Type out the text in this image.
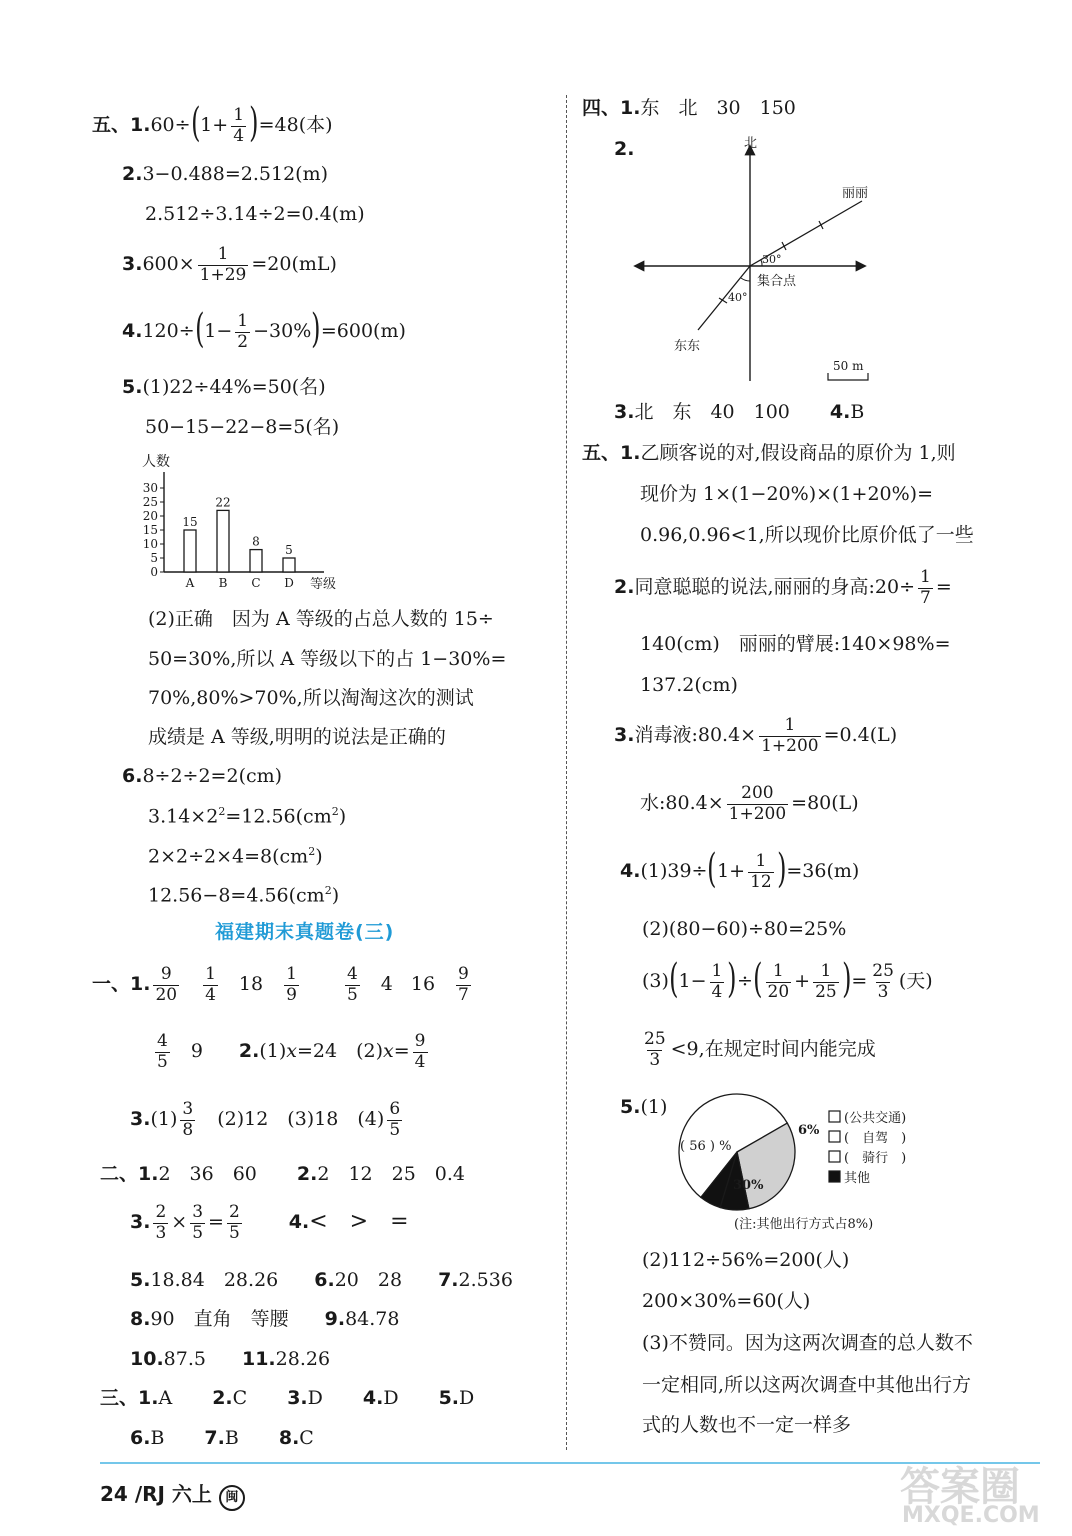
五、$1.60\div(1+ \frac{1}{4} )=48$(本)
2.3−0.488=2.512(m)
2.512÷3.14÷2=0.4(m)
$3.600\times \frac{1}{1+29} =20(mL)$
$4.120\div(1- \frac{1}{2} -30\%)=600(m)$
5.(1)22÷44%=50(名)
50−15−22−8=5(名)
人数
0
5
10
15
20
25
30
15
A
22
B
8
C
5
D 等级
(2)正确　因为 A 等级的占总人数的 15÷
50=30%,所以 A 等级以下的占 1−30%=
70%,80%>70%,所以淘淘这次的测试
成绩是 A 等级,明明的说法是正确的
6.8÷2÷2=2(cm)
$3.14\times 2^2=12.56(cm^2)$
$2\times 2\div 2\times 4=8(cm^2)$
$12.56-8=4.56(cm^2)$
福建期末真题卷(三)
一、1. $\frac{9}{20} \frac{1}{4} 18 \frac{1}{9}$	$\frac{4}{5} 4$ $16 \frac{9}{7}$
$\frac{4}{5} 9$ 2.(1)x=24　$(2)x= \frac{9}{4}$
$3.(1) \frac{3}{8}$ 　(2)12　(3)18　$(4) \frac{6}{5}$
二、1.2　36　60 2.2　12　25　0.4
3. $\frac{2}{3} \times \frac{3}{5} = \frac{2}{5} 4.<$　>　=
5.18.84　28.26 6.20　28 7.2.536
8.90　直角　等腰 9.84.78
10.87.5 11.28.26
三、1.A 2.C 3.D 4.D 5.D
6.B 7.B 8.C
四、1.东　北　30　150
2.	北
丽丽
东东
30°
40°
集合点
50 m
3.北　东　40　100 4.B
五、1.乙顾客说的对,假设商品的原价为 1,则
现价为 1×(1−20%)×(1+20%)=
0.96,0.96<1,所以现价比原价低了一些
2.同意聪聪的说法,丽丽的身高:20÷ $\frac{1}{7}$ =
140(cm)　丽丽的臂展:140×98%=
137.2(cm)
3.消毒液:80.4× $\frac{1}{1+200} =0.4(L)$
水:80.4× $\frac{200}{1+200} =80(L)$
$4.(1)39\div(1+ \frac{1}{12} )=36(m)$
(2)(80−60)÷80=25%
$(3)(1- \frac{1}{4}$ )÷( $\frac{1}{20} + \frac{1}{25}$ )= $\frac{25}{3}$ (天)
$\frac{25}{3} <9$,在规定时间内能完成
5.(1)
( 56 ) %
30%
6%
(公共交通)
(　自驾　)
(　骑行　)
其他
(注:其他出行方式占8%)
(2)112÷56%=200(人)
200×30%=60(人)
(3)不赞同。因为这两次调查的总人数不
一定相同,所以这两次调查中其他出行方
式的人数也不一定一样多
24 /RJ 六上 闽	答案圈
MXQE.COM
